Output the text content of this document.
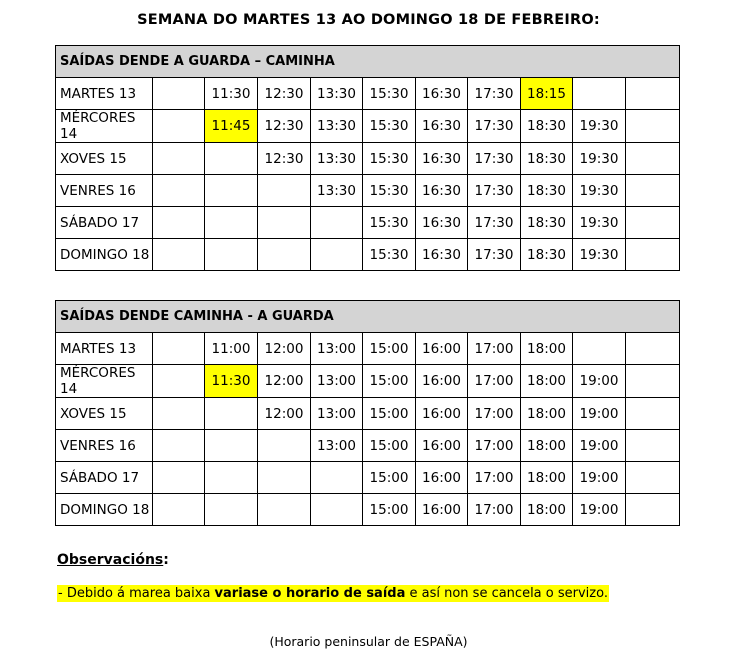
SEMANA DO MARTES 13 AO DOMINGO 18 DE FEBREIRO:
SAÍDAS DENDE A GUARDA – CAMINHA										
MARTES 13		11:30	12:30	13:30	15:30	16:30	17:30	18:15		
MÉRCORES 14		11:45	12:30	13:30	15:30	16:30	17:30	18:30	19:30	
XOVES 15			12:30	13:30	15:30	16:30	17:30	18:30	19:30	
VENRES 16				13:30	15:30	16:30	17:30	18:30	19:30	
SÁBADO 17					15:30	16:30	17:30	18:30	19:30	
DOMINGO 18					15:30	16:30	17:30	18:30	19:30	
SAÍDAS DENDE CAMINHA - A GUARDA										
MARTES 13		11:00	12:00	13:00	15:00	16:00	17:00	18:00		
MÉRCORES 14		11:30	12:00	13:00	15:00	16:00	17:00	18:00	19:00	
XOVES 15			12:00	13:00	15:00	16:00	17:00	18:00	19:00	
VENRES 16				13:00	15:00	16:00	17:00	18:00	19:00	
SÁBADO 17					15:00	16:00	17:00	18:00	19:00	
DOMINGO 18					15:00	16:00	17:00	18:00	19:00	
Observacións:
- Debido á marea baixa variase o horario de saída e así non se cancela o servizo.
(Horario peninsular de ESPAÑA)
